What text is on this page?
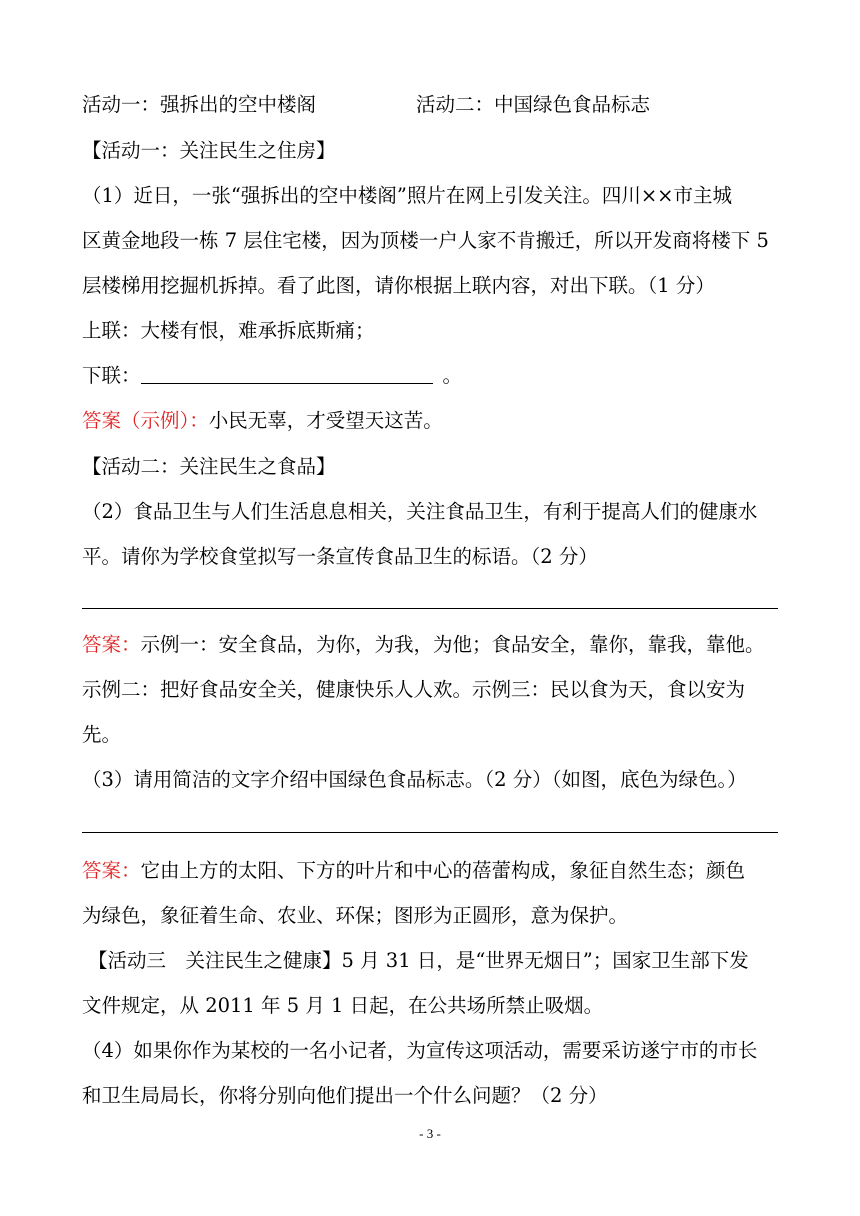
活动一：强拆出的空中楼阁	活动二：中国绿色食品标志
【活动一：关注民生之住房】
（1）近日，一张“强拆出的空中楼阁”照片在网上引发关注。四川××市主城
区黄金地段一栋 7 层住宅楼，因为顶楼一户人家不肯搬迁，所以开发商将楼下 5
层楼梯用挖掘机拆掉。看了此图，请你根据上联内容，对出下联。（1 分）
上联：大楼有恨，难承拆底斯痛；
下联：	。
答案（示例）：小民无辜，才受望天这苦。
【活动二：关注民生之食品】
（2）食品卫生与人们生活息息相关，关注食品卫生，有利于提高人们的健康水
平。请你为学校食堂拟写一条宣传食品卫生的标语。（2 分）
答案：示例一：安全食品，为你，为我，为他；食品安全，靠你，靠我，靠他。
示例二：把好食品安全关，健康快乐人人欢。示例三：民以食为天，食以安为
先。
（3）请用简洁的文字介绍中国绿色食品标志。（2 分）（如图，底色为绿色。）
答案：它由上方的太阳、下方的叶片和中心的蓓蕾构成，象征自然生态；颜色
为绿色，象征着生命、农业、环保；图形为正圆形，意为保护。
【活动三　关注民生之健康】5 月 31 日，是“世界无烟日”；国家卫生部下发
文件规定，从 2011 年 5 月 1 日起，在公共场所禁止吸烟。
（4）如果你作为某校的一名小记者，为宣传这项活动，需要采访遂宁市的市长
和卫生局局长，你将分别向他们提出一个什么问题？（2 分）
- 3 -
